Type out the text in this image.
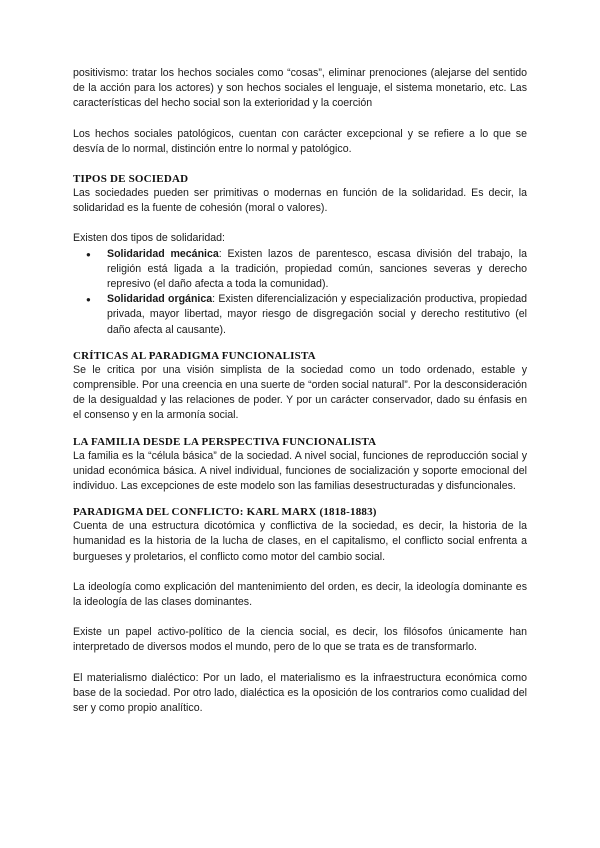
positivismo: tratar los hechos sociales como “cosas”, eliminar prenociones (alejarse del sentido de la acción para los actores) y son hechos sociales el lenguaje, el sistema monetario, etc. Las características del hecho social son la exterioridad y la coerción

Los hechos sociales patológicos, cuentan con carácter excepcional y se refiere a lo que se desvía de lo normal, distinción entre lo normal y patológico.

TIPOS DE SOCIEDAD

Las sociedades pueden ser primitivas o modernas en función de la solidaridad. Es decir, la solidaridad es la fuente de cohesión (moral o valores).

Existen dos tipos de solidaridad:

● Solidaridad mecánica: Existen lazos de parentesco, escasa división del trabajo, la religión está ligada a la tradición, propiedad común, sanciones severas y derecho represivo (el daño afecta a toda la comunidad).
● Solidaridad orgánica: Existen diferencialización y especialización productiva, propiedad privada, mayor libertad, mayor riesgo de disgregación social y derecho restitutivo (el daño afecta al causante).
CRÍTICAS AL PARADIGMA FUNCIONALISTA

Se le critica por una visión simplista de la sociedad como un todo ordenado, estable y comprensible. Por una creencia en una suerte de “orden social natural”. Por la desconsideración de la desigualdad y las relaciones de poder. Y por un carácter conservador, dado su énfasis en el consenso y en la armonía social.

LA FAMILIA DESDE LA PERSPECTIVA FUNCIONALISTA

La familia es la “célula básica” de la sociedad. A nivel social, funciones de reproducción social y unidad económica básica. A nivel individual, funciones de socialización y soporte emocional del individuo. Las excepciones de este modelo son las familias desestructuradas y disfuncionales.

PARADIGMA DEL CONFLICTO: KARL MARX (1818-1883)

Cuenta de una estructura dicotómica y conflictiva de la sociedad, es decir, la historia de la humanidad es la historia de la lucha de clases, en el capitalismo, el conflicto social enfrenta a burgueses y proletarios, el conflicto como motor del cambio social.

La ideología como explicación del mantenimiento del orden, es decir, la ideología dominante es la ideología de las clases dominantes.

Existe un papel activo-político de la ciencia social, es decir, los filósofos únicamente han interpretado de diversos modos el mundo, pero de lo que se trata es de transformarlo.

El materialismo dialéctico: Por un lado, el materialismo es la infraestructura económica como base de la sociedad. Por otro lado, dialéctica es la oposición de los contrarios como cualidad del ser y como propio analítico.
